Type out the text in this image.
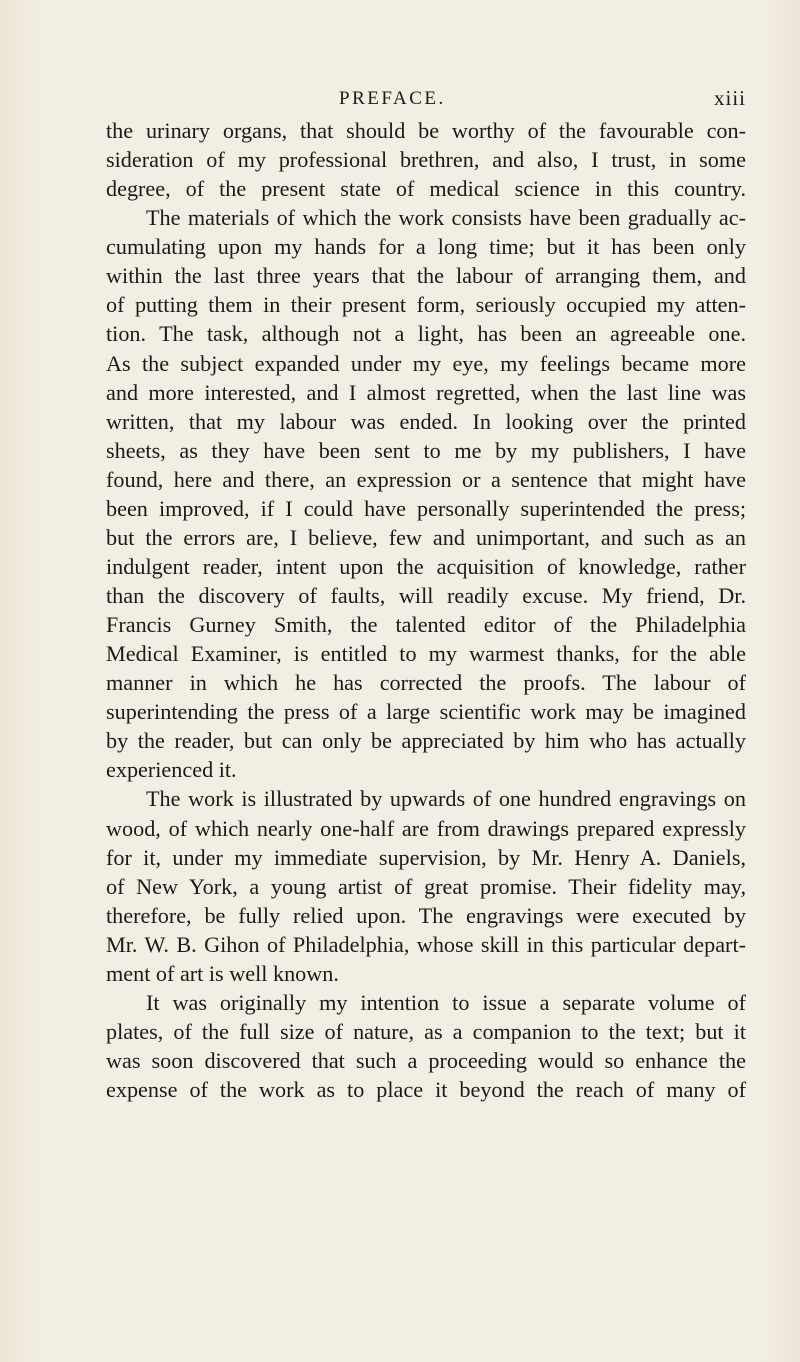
PREFACE.	xiii
the urinary organs, that should be worthy of the favourable con-
sideration of my professional brethren, and also, I trust, in some
degree, of the present state of medical science in this country.
The materials of which the work consists have been gradually ac-
cumulating upon my hands for a long time; but it has been only
within the last three years that the labour of arranging them, and
of putting them in their present form, seriously occupied my atten-
tion. The task, although not a light, has been an agreeable one.
As the subject expanded under my eye, my feelings became more
and more interested, and I almost regretted, when the last line was
written, that my labour was ended. In looking over the printed
sheets, as they have been sent to me by my publishers, I have
found, here and there, an expression or a sentence that might have
been improved, if I could have personally superintended the press;
but the errors are, I believe, few and unimportant, and such as an
indulgent reader, intent upon the acquisition of knowledge, rather
than the discovery of faults, will readily excuse. My friend, Dr.
Francis Gurney Smith, the talented editor of the Philadelphia
Medical Examiner, is entitled to my warmest thanks, for the able
manner in which he has corrected the proofs. The labour of
superintending the press of a large scientific work may be imagined
by the reader, but can only be appreciated by him who has actually
experienced it.
The work is illustrated by upwards of one hundred engravings on
wood, of which nearly one-half are from drawings prepared expressly
for it, under my immediate supervision, by Mr. Henry A. Daniels,
of New York, a young artist of great promise. Their fidelity may,
therefore, be fully relied upon. The engravings were executed by
Mr. W. B. Gihon of Philadelphia, whose skill in this particular depart-
ment of art is well known.
It was originally my intention to issue a separate volume of
plates, of the full size of nature, as a companion to the text; but it
was soon discovered that such a proceeding would so enhance the
expense of the work as to place it beyond the reach of many of
